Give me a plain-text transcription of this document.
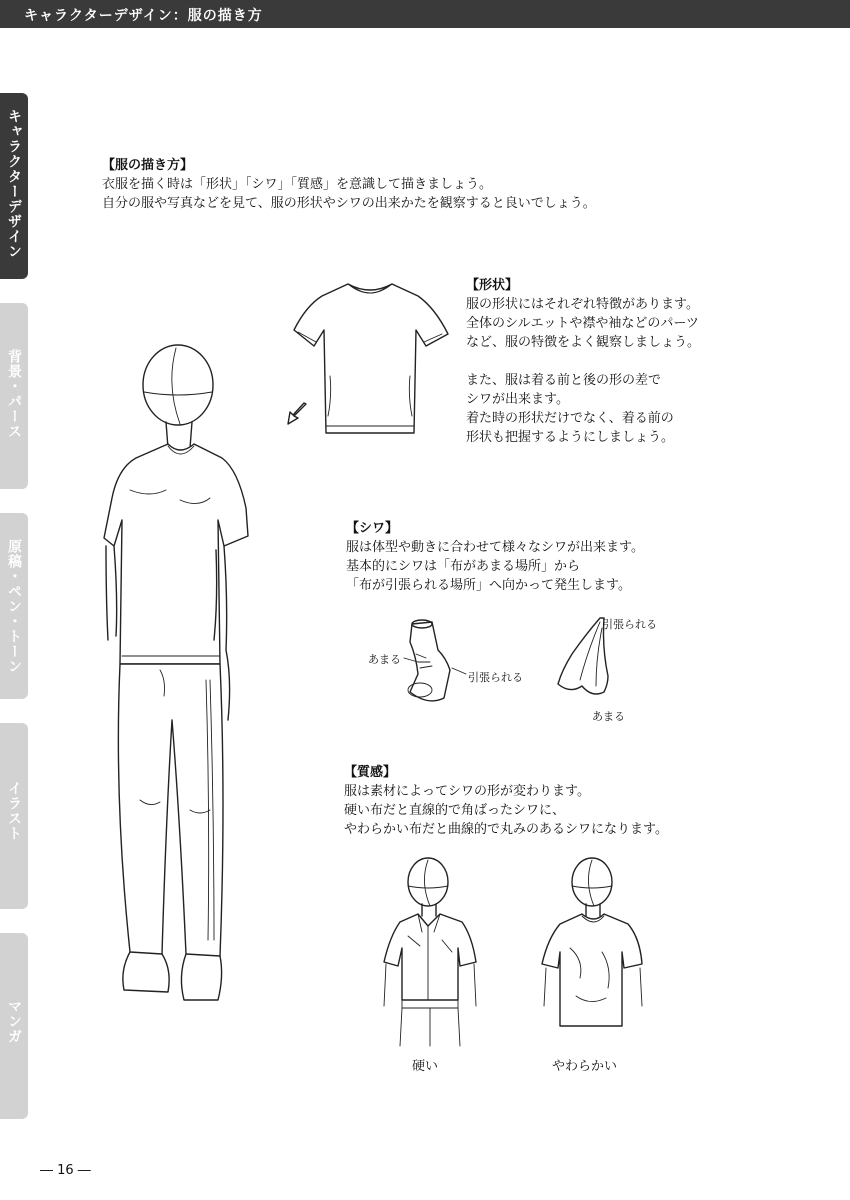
キャラクターデザイン：服の描き方
キャラクターデザイン
背景・パース
原稿・ペン・トーン
イラスト
マンガ

【服の描き方】

衣服を描く時は「形状」「シワ」「質感」を意識して描きましょう。

自分の服や写真などを見て、服の形状やシワの出来かたを観察すると良いでしょう。

【形状】

服の形状にはそれぞれ特徴があります。

全体のシルエットや襟や袖などのパーツ

など、服の特徴をよく観察しましょう。

また、服は着る前と後の形の差で

シワが出来ます。

着た時の形状だけでなく、着る前の

形状も把握するようにしましょう。

【シワ】

服は体型や動きに合わせて様々なシワが出来ます。

基本的にシワは「布があまる場所」から

「布が引張られる場所」へ向かって発生します。

【質感】

服は素材によってシワの形が変わります。

硬い布だと直線的で角ばったシワに、

やわらかい布だと曲線的で丸みのあるシワになります。

あまる
引張られる
引張られる
あまる
硬い	やわらかい
― 16 ―
